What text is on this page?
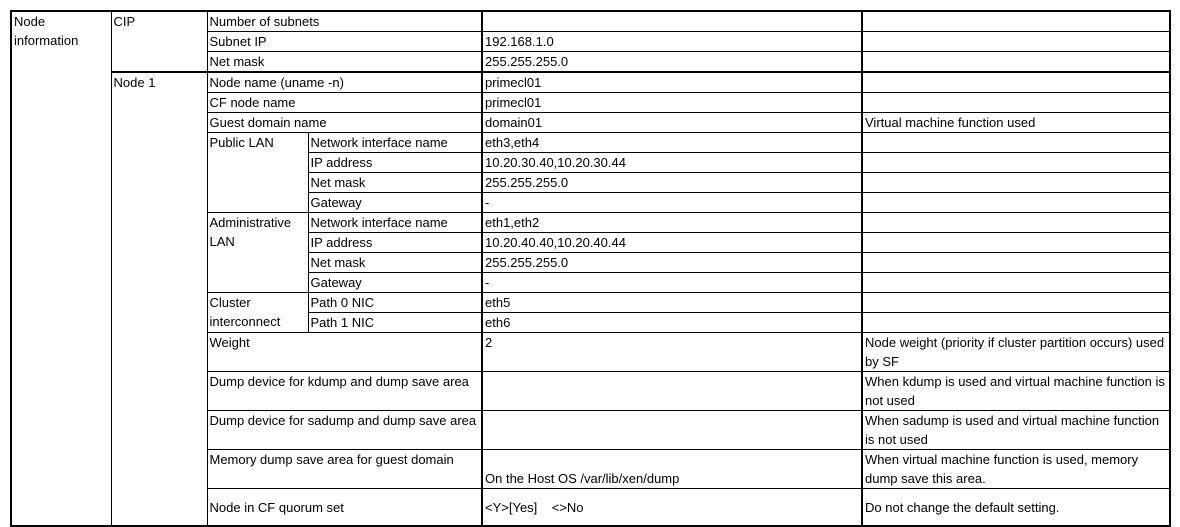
Node information	CIP	Number of subnets			
		Subnet IP		192.168.1.0	
		Net mask		255.255.255.0	
	Node 1	Node name (uname -n)		primecl01	
		CF node name		primecl01	
		Guest domain name		domain01	Virtual machine function used
		Public LAN	Network interface name	eth3,eth4	
			IP address	10.20.30.40,10.20.30.44	
			Net mask	255.255.255.0	
			Gateway	-	
		Administrative LAN	Network interface name	eth1,eth2	
			IP address	10.20.40.40,10.20.40.44	
			Net mask	255.255.255.0	
			Gateway	-	
		Cluster interconnect	Path 0 NIC	eth5	
			Path 1 NIC	eth6	
		Weight		2	Node weight (priority if cluster partition occurs) used by SF
		Dump device for kdump and dump save area			When kdump is used and virtual machine function is not used
		Dump device for sadump and dump save area			When sadump is used and virtual machine function is not used
		Memory dump save area for guest domain		On the Host OS /var/lib/xen/dump	When virtual machine function is used, memory dump save this area.
		Node in CF quorum set		<Y>[Yes]    <>No	Do not change the default setting.
